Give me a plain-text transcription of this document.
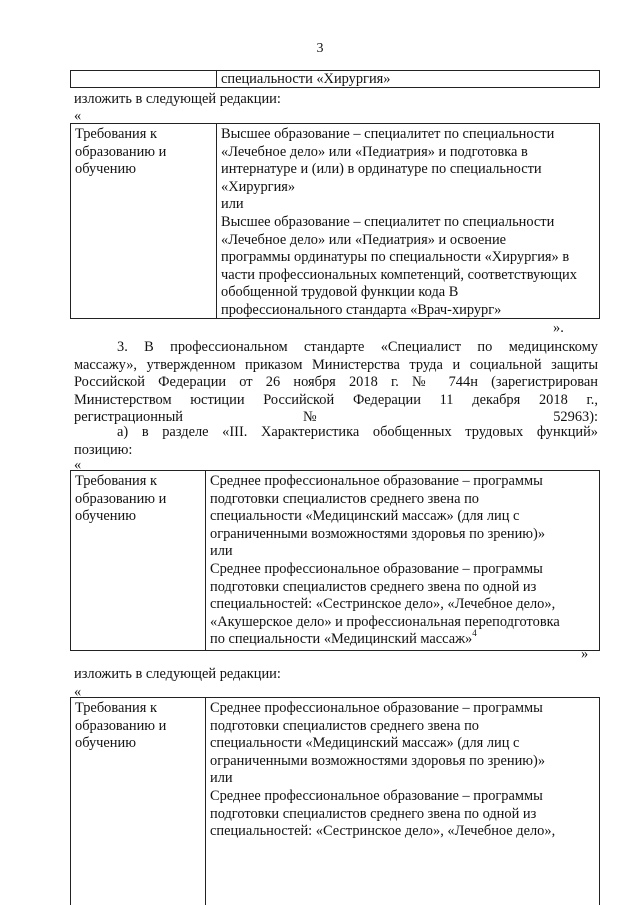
3
специальности «Хирургия»
изложить в следующей редакции:
«
Требования к
образованию и
обучению
Высшее образование – специалитет по специальности
«Лечебное дело» или «Педиатрия» и подготовка в
интернатуре и (или) в ординатуре по специальности
«Хирургия»
или
Высшее образование – специалитет по специальности
«Лечебное дело» или «Педиатрия» и освоение
программы ординатуры по специальности «Хирургия» в
части профессиональных компетенций, соответствующих
обобщенной трудовой функции кода В
профессионального стандарта «Врач-хирург»
».
3. В профессиональном стандарте «Специалист по медицинскому
массажу», утвержденном приказом Министерства труда и социальной защиты
Российской Федерации от 26 ноября 2018 г. № 744н (зарегистрирован
Министерством юстиции Российской Федерации 11 декабря 2018 г.,
регистрационный № 52963):
а) в разделе «III. Характеристика обобщенных трудовых функций»
позицию:
«
Требования к
образованию и
обучению
Среднее профессиональное образование – программы
подготовки специалистов среднего звена по
специальности «Медицинский массаж» (для лиц с
ограниченными возможностями здоровья по зрению)»
или
Среднее профессиональное образование – программы
подготовки специалистов среднего звена по одной из
специальностей: «Сестринское дело», «Лечебное дело»,
«Акушерское дело» и профессиональная переподготовка
по специальности «Медицинский массаж»$^4$
»
изложить в следующей редакции:
«
Требования к
образованию и
обучению
Среднее профессиональное образование – программы
подготовки специалистов среднего звена по
специальности «Медицинский массаж» (для лиц с
ограниченными возможностями здоровья по зрению)»
или
Среднее профессиональное образование – программы
подготовки специалистов среднего звена по одной из
специальностей: «Сестринское дело», «Лечебное дело»,
